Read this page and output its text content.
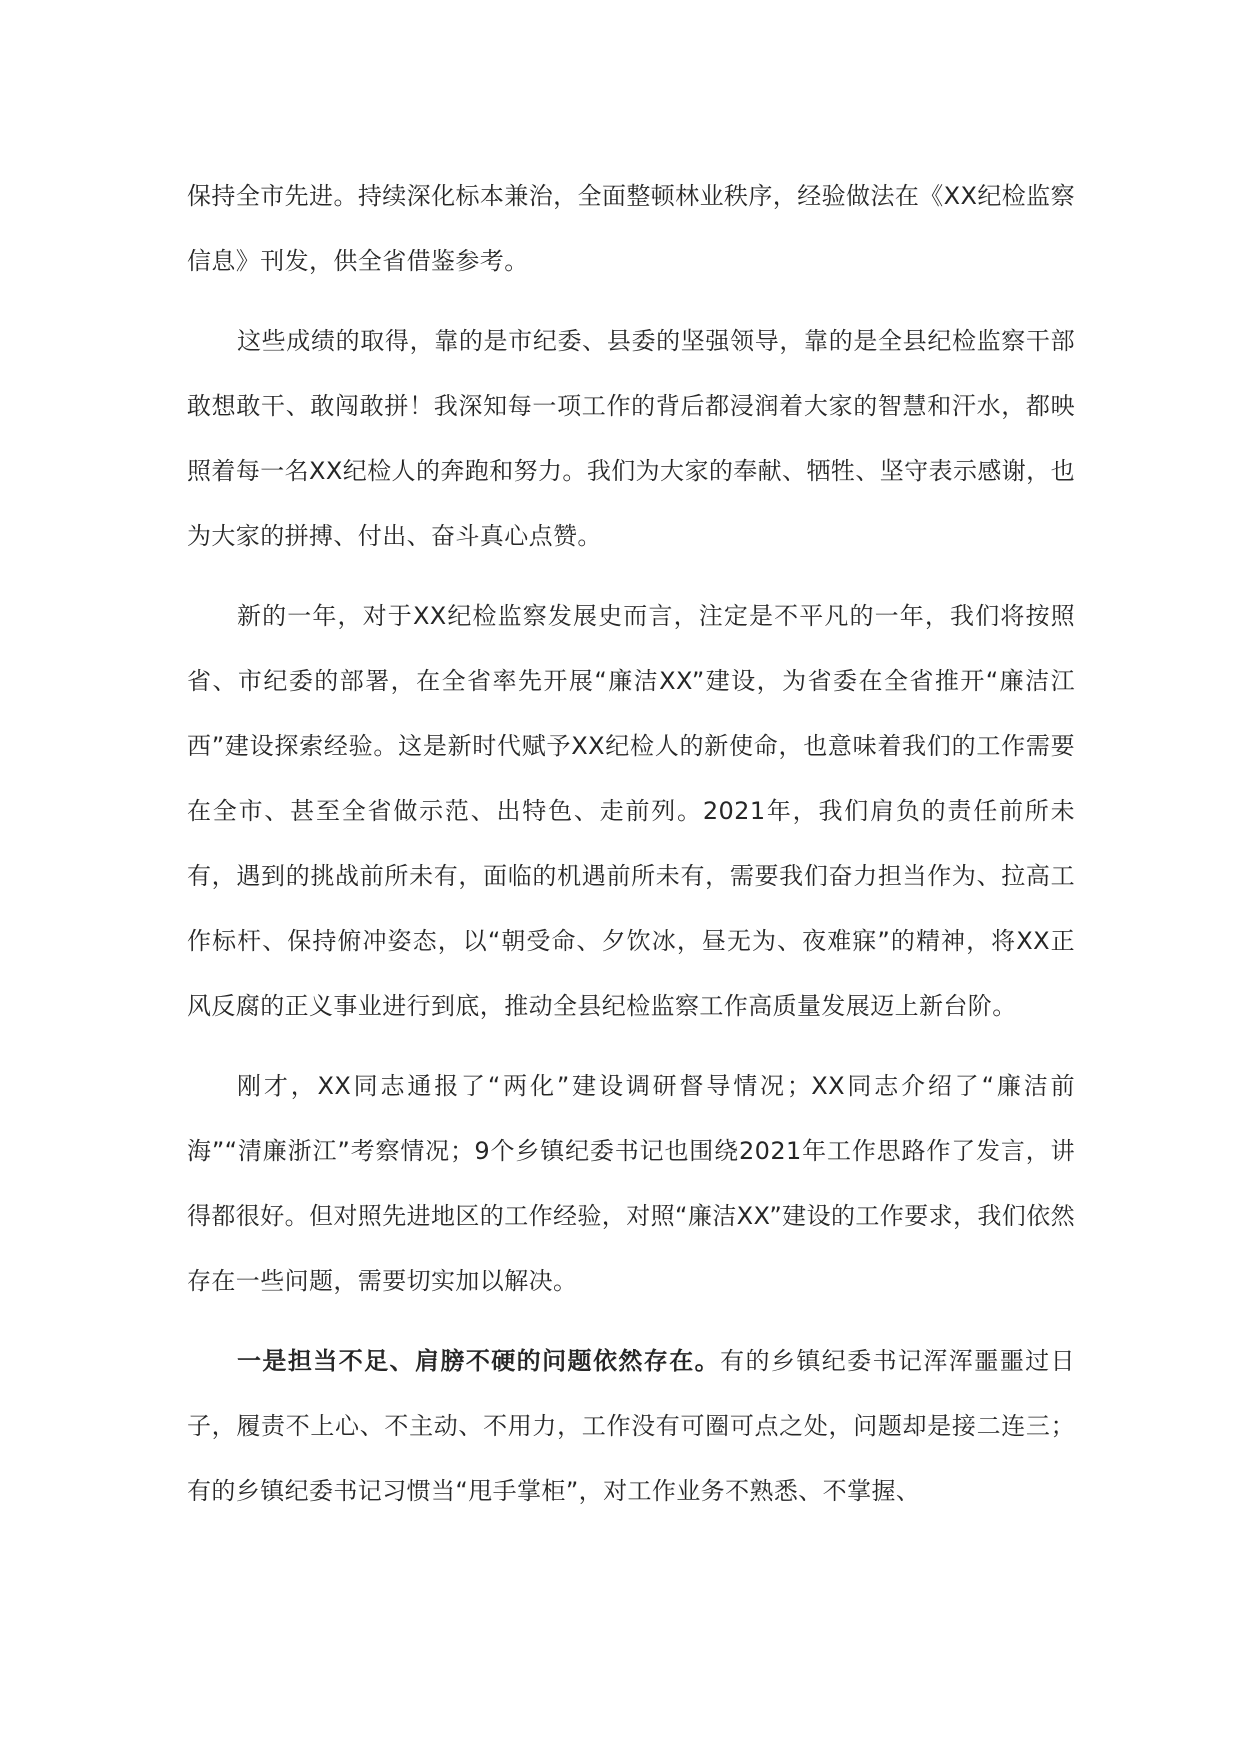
保持全市先进。持续深化标本兼治，全面整顿林业秩序，经验做法在《XX纪检监察信息》刊发，供全省借鉴参考。

这些成绩的取得，靠的是市纪委、县委的坚强领导，靠的是全县纪检监察干部敢想敢干、敢闯敢拼！我深知每一项工作的背后都浸润着大家的智慧和汗水，都映照着每一名XX纪检人的奔跑和努力。我们为大家的奉献、牺牲、坚守表示感谢，也为大家的拼搏、付出、奋斗真心点赞。

新的一年，对于XX纪检监察发展史而言，注定是不平凡的一年，我们将按照省、市纪委的部署，在全省率先开展“廉洁XX”建设，为省委在全省推开“廉洁江西”建设探索经验。这是新时代赋予XX纪检人的新使命，也意味着我们的工作需要在全市、甚至全省做示范、出特色、走前列。2021年，我们肩负的责任前所未有，遇到的挑战前所未有，面临的机遇前所未有，需要我们奋力担当作为、拉高工作标杆、保持俯冲姿态，以“朝受命、夕饮冰，昼无为、夜难寐”的精神，将XX正风反腐的正义事业进行到底，推动全县纪检监察工作高质量发展迈上新台阶。

刚才，XX同志通报了“两化”建设调研督导情况；XX同志介绍了“廉洁前海”“清廉浙江”考察情况；9个乡镇纪委书记也围绕2021年工作思路作了发言，讲得都很好。但对照先进地区的工作经验，对照“廉洁XX”建设的工作要求，我们依然存在一些问题，需要切实加以解决。

一是担当不足、肩膀不硬的问题依然存在。有的乡镇纪委书记浑浑噩噩过日子，履责不上心、不主动、不用力，工作没有可圈可点之处，问题却是接二连三；有的乡镇纪委书记习惯当“甩手掌柜”，对工作业务不熟悉、不掌握、
